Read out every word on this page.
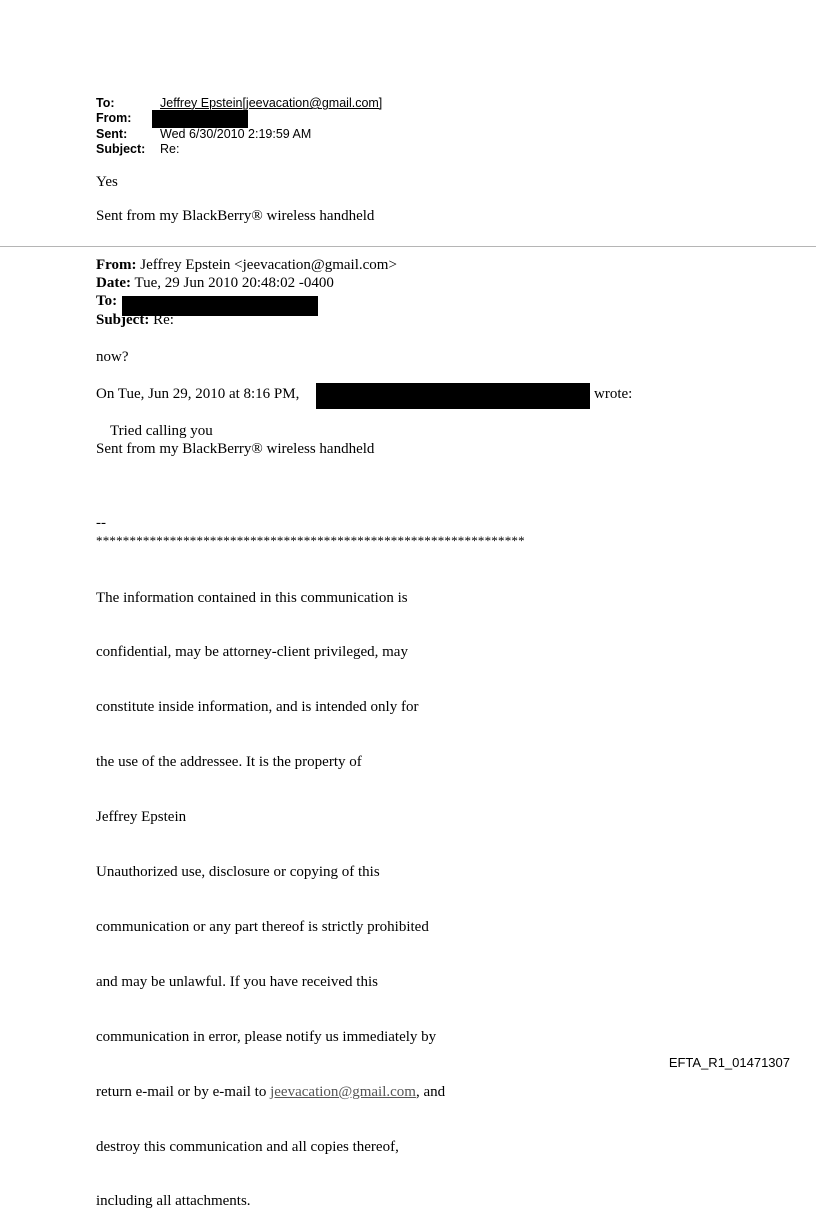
To:	Jeffrey Epstein[jeevacation@gmail.com]
From:
Sent:	Wed 6/30/2010 2:19:59 AM
Subject:	Re:
Yes
Sent from my BlackBerry® wireless handheld
From: Jeffrey Epstein <jeevacation@gmail.com>
Date: Tue, 29 Jun 2010 20:48:02 -0400
To:
Subject: Re:
now?
On Tue, Jun 29, 2010 at 8:16 PM,	wrote:
Tried calling you
Sent from my BlackBerry® wireless handheld
--
****************************************************************

The information contained in this communication is

confidential, may be attorney-client privileged, may

constitute inside information, and is intended only for

the use of the addressee. It is the property of

Jeffrey Epstein

Unauthorized use, disclosure or copying of this

communication or any part thereof is strictly prohibited

and may be unlawful. If you have received this

communication in error, please notify us immediately by

return e-mail or by e-mail to jeevacation@gmail.com, and

destroy this communication and all copies thereof,

including all attachments.

EFTA_R1_01471307
